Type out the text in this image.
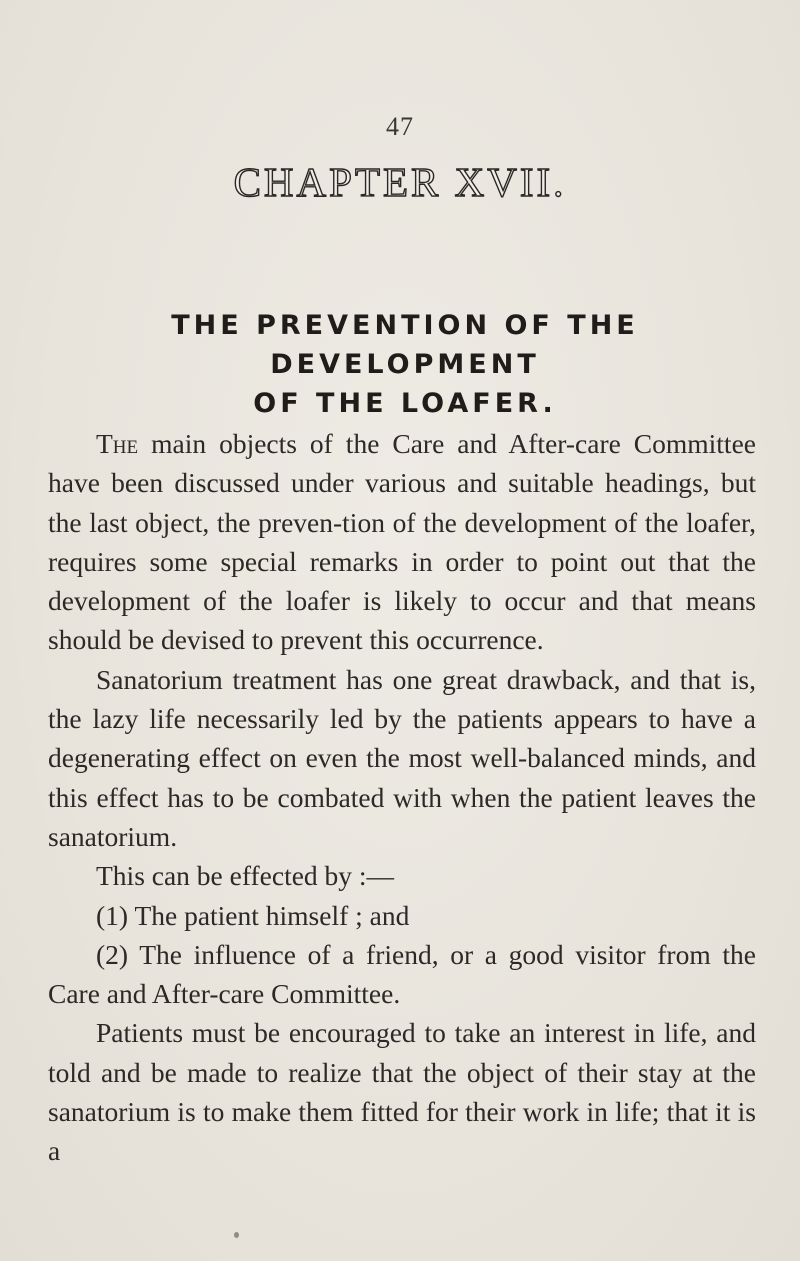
47
CHAPTER XVII.
THE PREVENTION OF THE DEVELOPMENT
OF THE LOAFER.

The main objects of the Care and After-care Committee have been discussed under various and suitable headings, but the last object, the preven-tion of the development of the loafer, requires some special remarks in order to point out that the development of the loafer is likely to occur and that means should be devised to prevent this occurrence.

Sanatorium treatment has one great drawback, and that is, the lazy life necessarily led by the patients appears to have a degenerating effect on even the most well-balanced minds, and this effect has to be combated with when the patient leaves the sanatorium.

This can be effected by :—

(1) The patient himself ; and

(2) The influence of a friend, or a good visitor from the Care and After-care Committee.

Patients must be encouraged to take an interest in life, and told and be made to realize that the object of their stay at the sanatorium is to make them fitted for their work in life; that it is a
